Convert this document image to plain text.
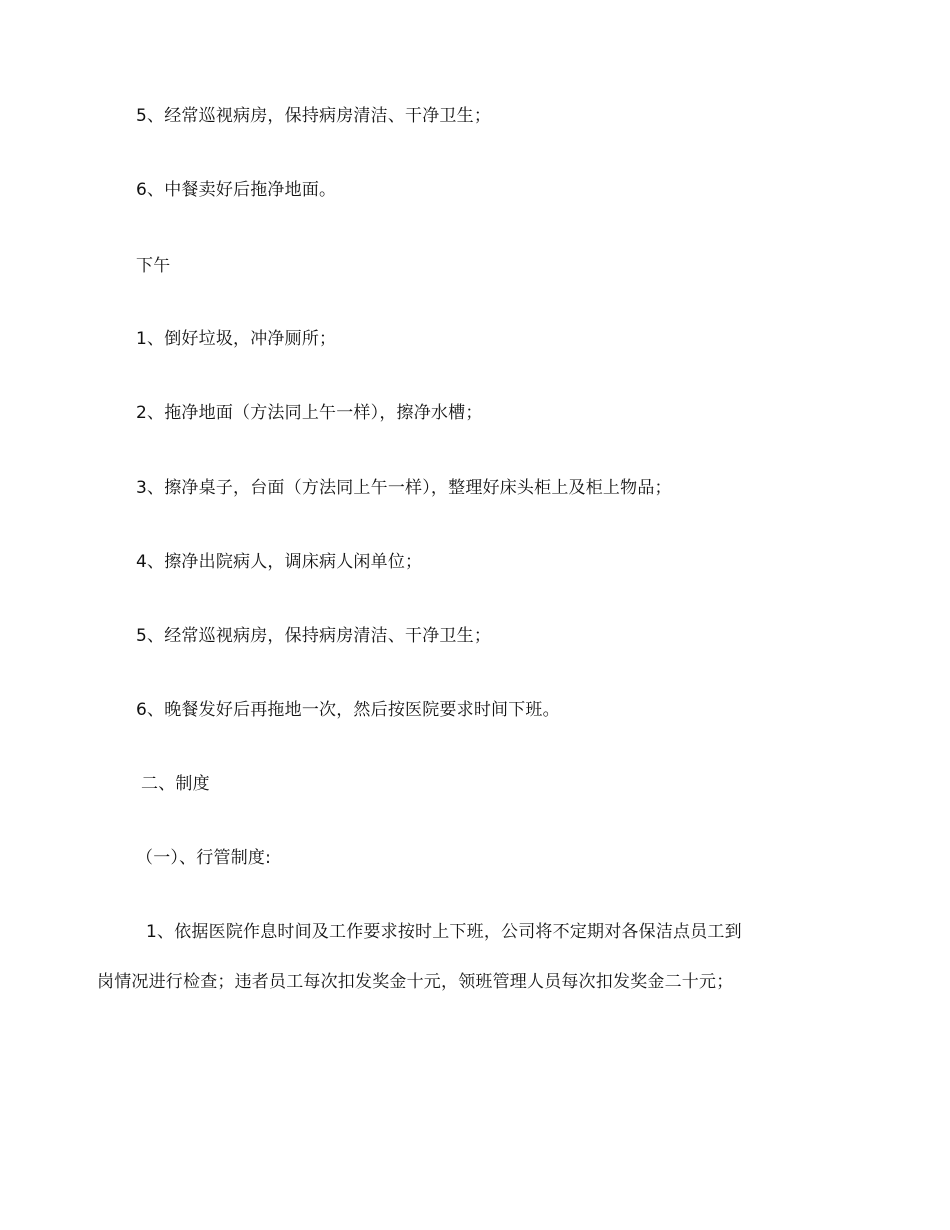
5、经常巡视病房，保持病房清洁、干净卫生；
6、中餐卖好后拖净地面。
下午
1、倒好垃圾，冲净厕所；
2、拖净地面（方法同上午一样），擦净水槽；
3、擦净桌子，台面（方法同上午一样），整理好床头柜上及柜上物品；
4、擦净出院病人，调床病人闲单位；
5、经常巡视病房，保持病房清洁、干净卫生；
6、晚餐发好后再拖地一次，然后按医院要求时间下班。
二、制度
（一）、行管制度:
1、依据医院作息时间及工作要求按时上下班，公司将不定期对各保洁点员工到
岗情况进行检查；违者员工每次扣发奖金十元，领班管理人员每次扣发奖金二十元；
